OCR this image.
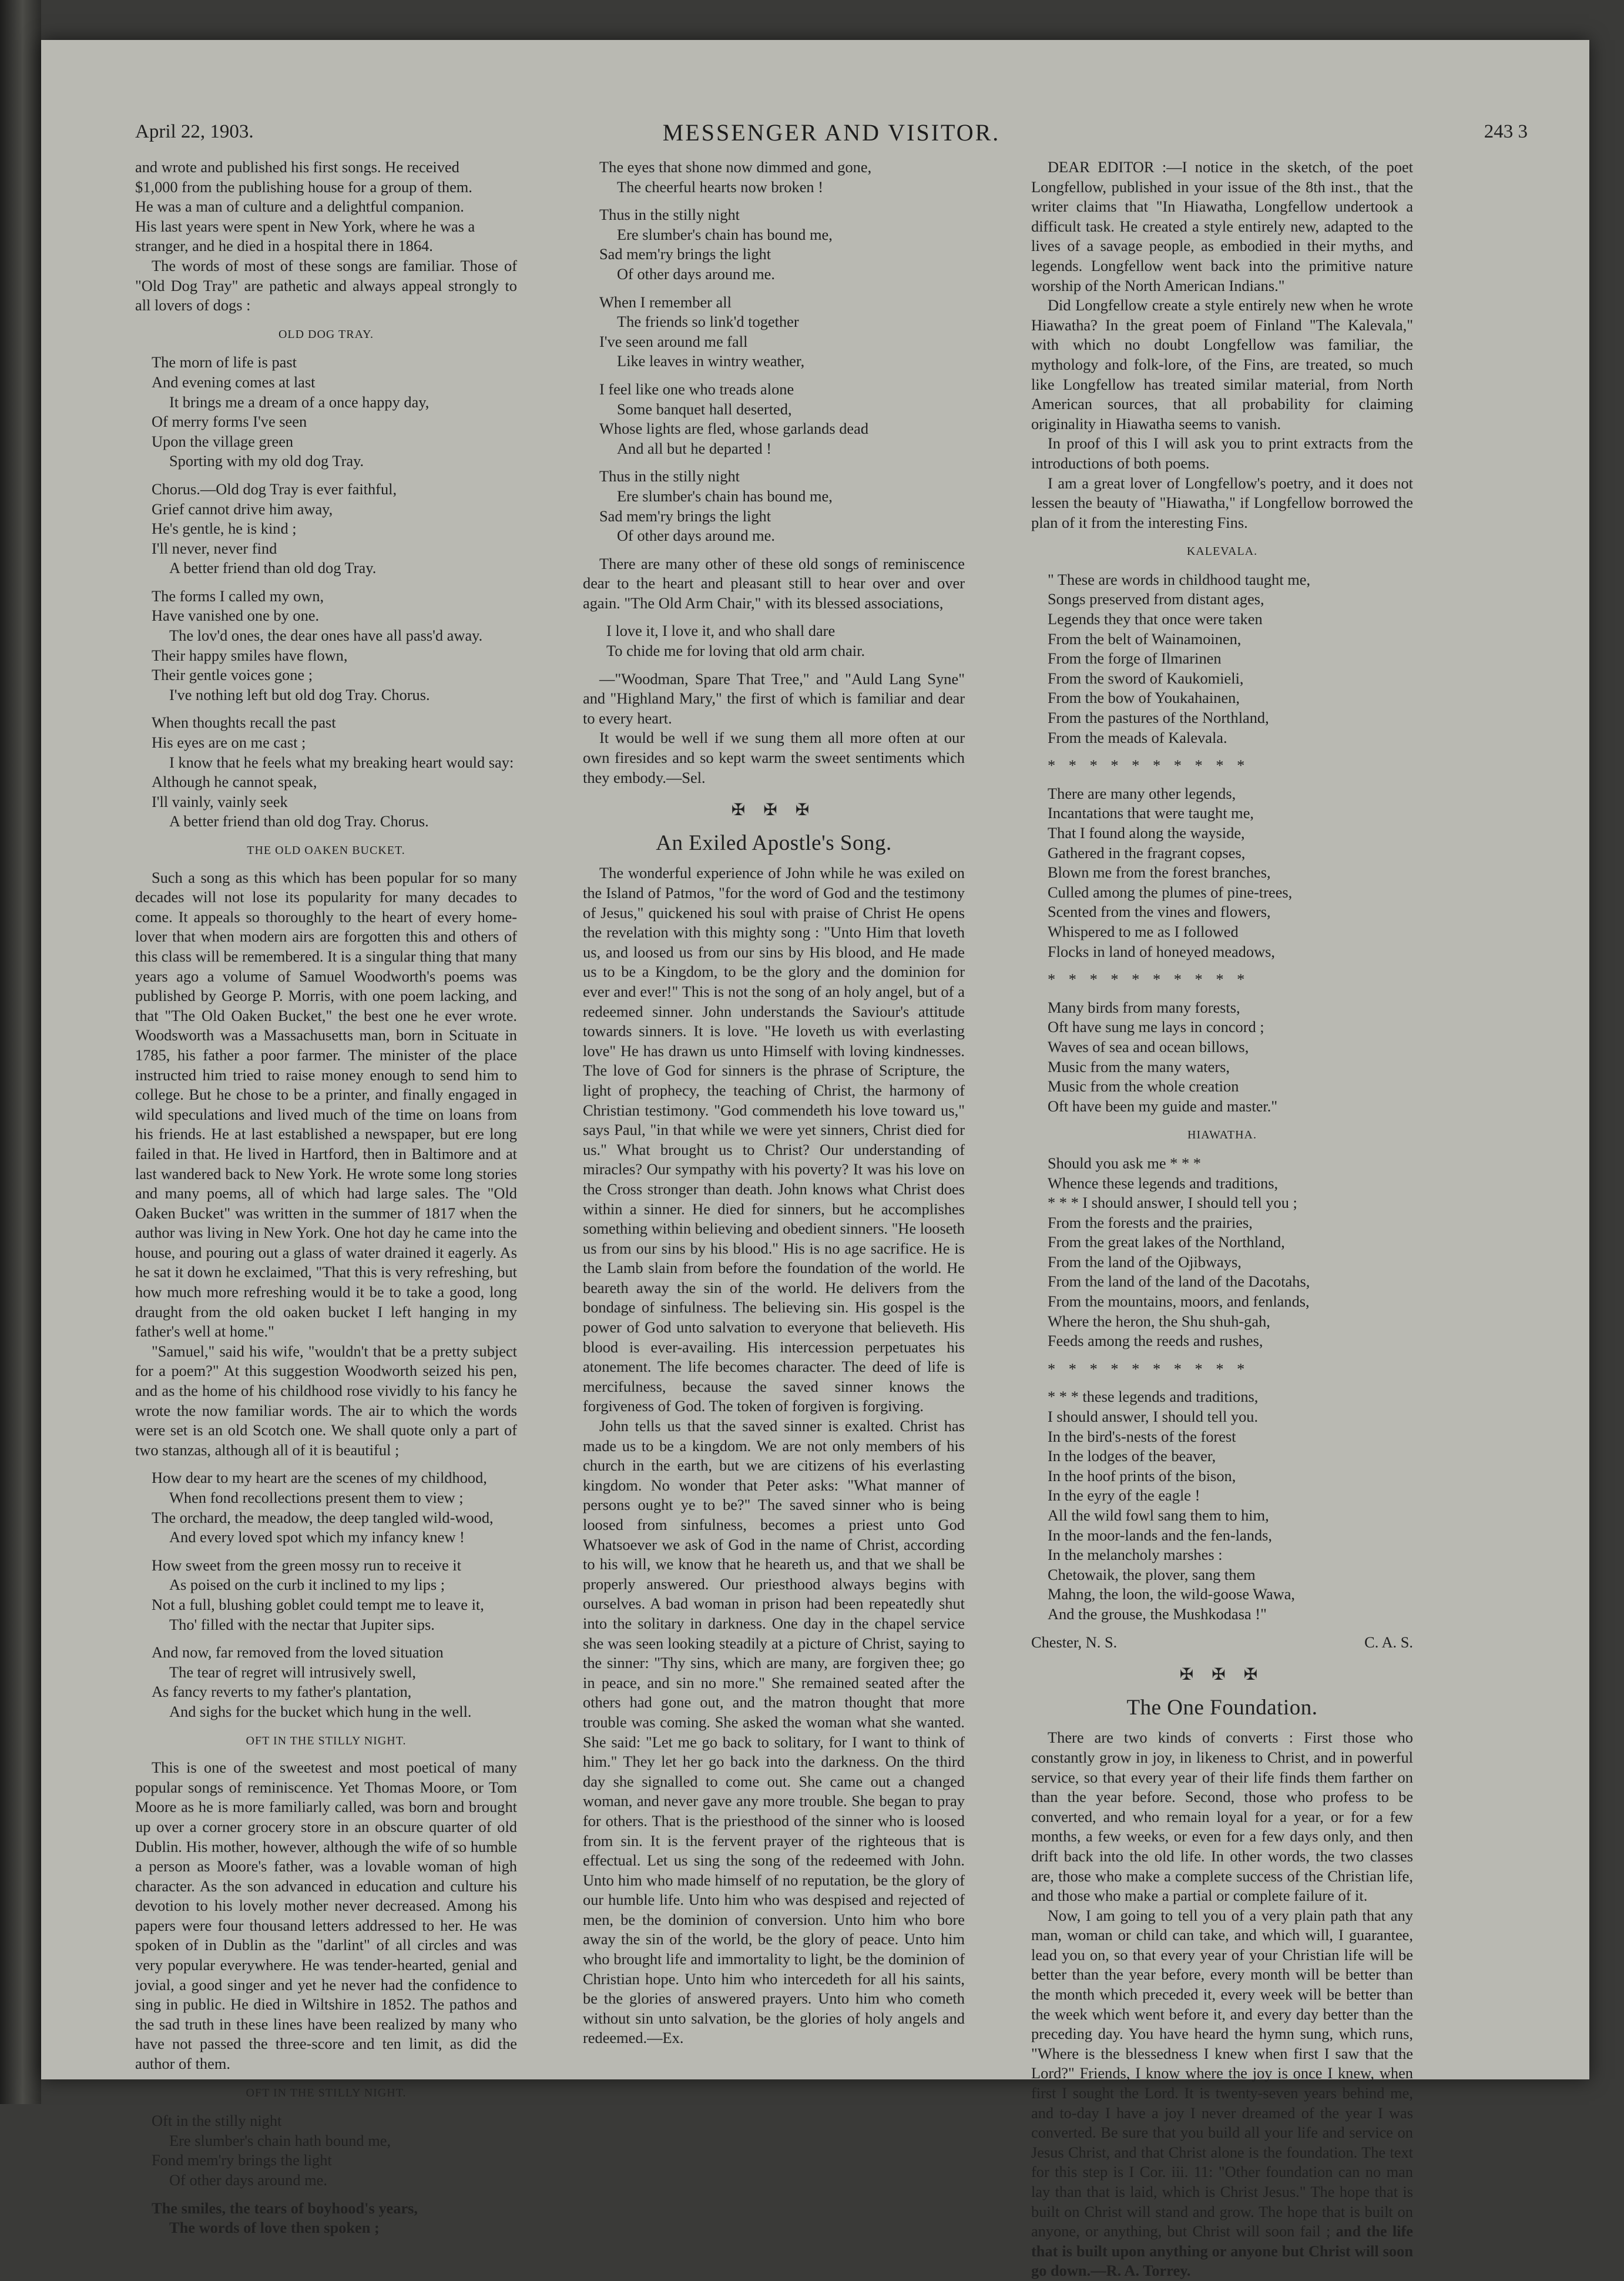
April 22, 1903.	MESSENGER AND VISITOR.	243 3
and wrote and published his first songs. He received
$1,000 from the publishing house for a group of them.
He was a man of culture and a delightful companion.
His last years were spent in New York, where he was a
stranger, and he died in a hospital there in 1864.

The words of most of these songs are familiar. Those of "Old Dog Tray" are pathetic and always appeal strongly to all lovers of dogs :

OLD DOG TRAY.
The morn of life is past
And evening comes at last
It brings me a dream of a once happy day,
Of merry forms I've seen
Upon the village green
Sporting with my old dog Tray.
Chorus.—Old dog Tray is ever faithful,
Grief cannot drive him away,
He's gentle, he is kind ;
I'll never, never find
A better friend than old dog Tray.
The forms I called my own,
Have vanished one by one.
The lov'd ones, the dear ones have all pass'd away.
Their happy smiles have flown,
Their gentle voices gone ;
I've nothing left but old dog Tray. Chorus.
When thoughts recall the past
His eyes are on me cast ;
I know that he feels what my breaking heart would say:
Although he cannot speak,
I'll vainly, vainly seek
A better friend than old dog Tray. Chorus.
THE OLD OAKEN BUCKET.

Such a song as this which has been popular for so many decades will not lose its popularity for many decades to come. It appeals so thoroughly to the heart of every home-lover that when modern airs are forgotten this and others of this class will be remembered. It is a singular thing that many years ago a volume of Samuel Woodworth's poems was published by George P. Morris, with one poem lacking, and that "The Old Oaken Bucket," the best one he ever wrote. Woodsworth was a Massachusetts man, born in Scituate in 1785, his father a poor farmer. The minister of the place instructed him tried to raise money enough to send him to college. But he chose to be a printer, and finally engaged in wild speculations and lived much of the time on loans from his friends. He at last established a newspaper, but ere long failed in that. He lived in Hartford, then in Baltimore and at last wandered back to New York. He wrote some long stories and many poems, all of which had large sales. The "Old Oaken Bucket" was written in the summer of 1817 when the author was living in New York. One hot day he came into the house, and pouring out a glass of water drained it eagerly. As he sat it down he exclaimed, "That this is very refreshing, but how much more refreshing would it be to take a good, long draught from the old oaken bucket I left hanging in my father's well at home."

"Samuel," said his wife, "wouldn't that be a pretty subject for a poem?" At this suggestion Woodworth seized his pen, and as the home of his childhood rose vividly to his fancy he wrote the now familiar words. The air to which the words were set is an old Scotch one. We shall quote only a part of two stanzas, although all of it is beautiful ;

How dear to my heart are the scenes of my childhood,
When fond recollections present them to view ;
The orchard, the meadow, the deep tangled wild-wood,
And every loved spot which my infancy knew !
How sweet from the green mossy run to receive it
As poised on the curb it inclined to my lips ;
Not a full, blushing goblet could tempt me to leave it,
Tho' filled with the nectar that Jupiter sips.
And now, far removed from the loved situation
The tear of regret will intrusively swell,
As fancy reverts to my father's plantation,
And sighs for the bucket which hung in the well.
OFT IN THE STILLY NIGHT.

This is one of the sweetest and most poetical of many popular songs of reminiscence. Yet Thomas Moore, or Tom Moore as he is more familiarly called, was born and brought up over a corner grocery store in an obscure quarter of old Dublin. His mother, however, although the wife of so humble a person as Moore's father, was a lovable woman of high character. As the son advanced in education and culture his devotion to his lovely mother never decreased. Among his papers were four thousand letters addressed to her. He was spoken of in Dublin as the "darlint" of all circles and was very popular everywhere. He was tender-hearted, genial and jovial, a good singer and yet he never had the confidence to sing in public. He died in Wiltshire in 1852. The pathos and the sad truth in these lines have been realized by many who have not passed the three-score and ten limit, as did the author of them.

OFT IN THE STILLY NIGHT.
Oft in the stilly night
Ere slumber's chain hath bound me,
Fond mem'ry brings the light
Of other days around me.
The smiles, the tears of boyhood's years,
The words of love then spoken ;
The eyes that shone now dimmed and gone,
The cheerful hearts now broken !
Thus in the stilly night
Ere slumber's chain has bound me,
Sad mem'ry brings the light
Of other days around me.
When I remember all
The friends so link'd together
I've seen around me fall
Like leaves in wintry weather,
I feel like one who treads alone
Some banquet hall deserted,
Whose lights are fled, whose garlands dead
And all but he departed !
Thus in the stilly night
Ere slumber's chain has bound me,
Sad mem'ry brings the light
Of other days around me.

There are many other of these old songs of reminiscence dear to the heart and pleasant still to hear over and over again. "The Old Arm Chair," with its blessed associations,

I love it, I love it, and who shall dare
To chide me for loving that old arm chair.

—"Woodman, Spare That Tree," and "Auld Lang Syne" and "Highland Mary," the first of which is familiar and dear to every heart.

It would be well if we sung them all more often at our own firesides and so kept warm the sweet sentiments which they embody.—Sel.

✠ ✠ ✠
An Exiled Apostle's Song.

The wonderful experience of John while he was exiled on the Island of Patmos, "for the word of God and the testimony of Jesus," quickened his soul with praise of Christ He opens the revelation with this mighty song : "Unto Him that loveth us, and loosed us from our sins by His blood, and He made us to be a Kingdom, to be the glory and the dominion for ever and ever!" This is not the song of an holy angel, but of a redeemed sinner. John understands the Saviour's attitude towards sinners. It is love. "He loveth us with everlasting love" He has drawn us unto Himself with loving kindnesses. The love of God for sinners is the phrase of Scripture, the light of prophecy, the teaching of Christ, the harmony of Christian testimony. "God commendeth his love toward us," says Paul, "in that while we were yet sinners, Christ died for us." What brought us to Christ? Our understanding of miracles? Our sympathy with his poverty? It was his love on the Cross stronger than death. John knows what Christ does within a sinner. He died for sinners, but he accomplishes something within believing and obedient sinners. "He looseth us from our sins by his blood." His is no age sacrifice. He is the Lamb slain from before the foundation of the world. He beareth away the sin of the world. He delivers from the bondage of sinfulness. The believing sin. His gospel is the power of God unto salvation to everyone that believeth. His blood is ever-availing. His intercession perpetuates his atonement. The life becomes character. The deed of life is mercifulness, because the saved sinner knows the forgiveness of God. The token of forgiven is forgiving.

John tells us that the saved sinner is exalted. Christ has made us to be a kingdom. We are not only members of his church in the earth, but we are citizens of his everlasting kingdom. No wonder that Peter asks: "What manner of persons ought ye to be?" The saved sinner who is being loosed from sinfulness, becomes a priest unto God Whatsoever we ask of God in the name of Christ, according to his will, we know that he heareth us, and that we shall be properly answered. Our priesthood always begins with ourselves. A bad woman in prison had been repeatedly shut into the solitary in darkness. One day in the chapel service she was seen looking steadily at a picture of Christ, saying to the sinner: "Thy sins, which are many, are forgiven thee; go in peace, and sin no more." She remained seated after the others had gone out, and the matron thought that more trouble was coming. She asked the woman what she wanted. She said: "Let me go back to solitary, for I want to think of him." They let her go back into the darkness. On the third day she signalled to come out. She came out a changed woman, and never gave any more trouble. She began to pray for others. That is the priesthood of the sinner who is loosed from sin. It is the fervent prayer of the righteous that is effectual. Let us sing the song of the redeemed with John. Unto him who made himself of no reputation, be the glory of our humble life. Unto him who was despised and rejected of men, be the dominion of conversion. Unto him who bore away the sin of the world, be the glory of peace. Unto him who brought life and immortality to light, be the dominion of Christian hope. Unto him who intercedeth for all his saints, be the glories of answered prayers. Unto him who cometh without sin unto salvation, be the glories of holy angels and redeemed.—Ex.

DEAR EDITOR :—I notice in the sketch, of the poet Longfellow, published in your issue of the 8th inst., that the writer claims that "In Hiawatha, Longfellow undertook a difficult task. He created a style entirely new, adapted to the lives of a savage people, as embodied in their myths, and legends. Longfellow went back into the primitive nature worship of the North American Indians."

Did Longfellow create a style entirely new when he wrote Hiawatha? In the great poem of Finland "The Kalevala," with which no doubt Longfellow was familiar, the mythology and folk-lore, of the Fins, are treated, so much like Longfellow has treated similar material, from North American sources, that all probability for claiming originality in Hiawatha seems to vanish.

In proof of this I will ask you to print extracts from the introductions of both poems.

I am a great lover of Longfellow's poetry, and it does not lessen the beauty of "Hiawatha," if Longfellow borrowed the plan of it from the interesting Fins.

KALEVALA.
" These are words in childhood taught me,
Songs preserved from distant ages,
Legends they that once were taken
From the belt of Wainamoinen,
From the forge of Ilmarinen
From the sword of Kaukomieli,
From the bow of Youkahainen,
From the pastures of the Northland,
From the meads of Kalevala.
* * * * * * * * * *
There are many other legends,
Incantations that were taught me,
That I found along the wayside,
Gathered in the fragrant copses,
Blown me from the forest branches,
Culled among the plumes of pine-trees,
Scented from the vines and flowers,
Whispered to me as I followed
Flocks in land of honeyed meadows,
* * * * * * * * * *
Many birds from many forests,
Oft have sung me lays in concord ;
Waves of sea and ocean billows,
Music from the many waters,
Music from the whole creation
Oft have been my guide and master."
HIAWATHA.
Should you ask me * * *
Whence these legends and traditions,
* * * I should answer, I should tell you ;
From the forests and the prairies,
From the great lakes of the Northland,
From the land of the Ojibways,
From the land of the land of the Dacotahs,
From the mountains, moors, and fenlands,
Where the heron, the Shu shuh-gah,
Feeds among the reeds and rushes,
* * * * * * * * * *
* * * these legends and traditions,
I should answer, I should tell you.
In the bird's-nests of the forest
In the lodges of the beaver,
In the hoof prints of the bison,
In the eyry of the eagle !
All the wild fowl sang them to him,
In the moor-lands and the fen-lands,
In the melancholy marshes :
Chetowaik, the plover, sang them
Mahng, the loon, the wild-goose Wawa,
And the grouse, the Mushkodasa !"
Chester, N. S.	C. A. S.
✠ ✠ ✠
The One Foundation.

There are two kinds of converts : First those who constantly grow in joy, in likeness to Christ, and in powerful service, so that every year of their life finds them farther on than the year before. Second, those who profess to be converted, and who remain loyal for a year, or for a few months, a few weeks, or even for a few days only, and then drift back into the old life. In other words, the two classes are, those who make a complete success of the Christian life, and those who make a partial or complete failure of it.

Now, I am going to tell you of a very plain path that any man, woman or child can take, and which will, I guarantee, lead you on, so that every year of your Christian life will be better than the year before, every month will be better than the month which preceded it, every week will be better than the week which went before it, and every day better than the preceding day. You have heard the hymn sung, which runs, "Where is the blessedness I knew when first I saw that the Lord?" Friends, I know where the joy is once I knew, when first I sought the Lord. It is twenty-seven years behind me, and to-day I have a joy I never dreamed of the year I was converted. Be sure that you build all your life and service on Jesus Christ, and that Christ alone is the foundation. The text for this step is I Cor. iii. 11: "Other foundation can no man lay than that is laid, which is Christ Jesus." The hope that is built on Christ will stand and grow. The hope that is built on anyone, or anything, but Christ will soon fail ; and the life that is built upon anything or anyone but Christ will soon go down.—R. A. Torrey.
